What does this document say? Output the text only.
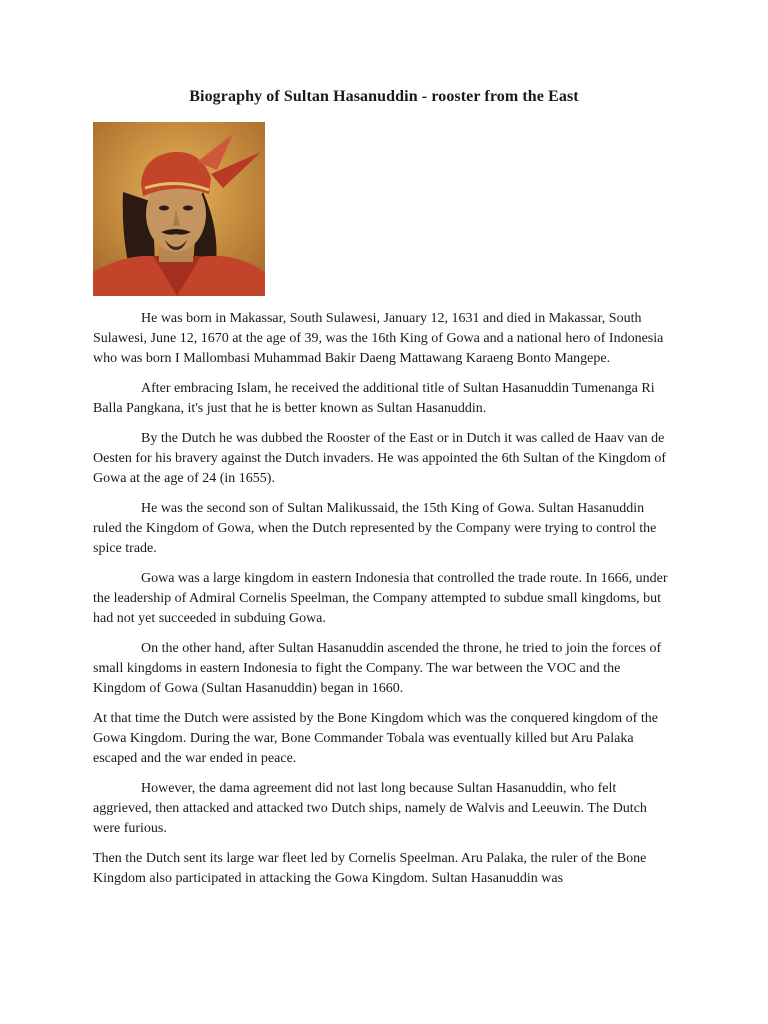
Biography of Sultan Hasanuddin - rooster from the East

He was born in Makassar, South Sulawesi, January 12, 1631 and died in Makassar, South Sulawesi, June 12, 1670 at the age of 39, was the 16th King of Gowa and a national hero of Indonesia who was born I Mallombasi Muhammad Bakir Daeng Mattawang Karaeng Bonto Mangepe.

After embracing Islam, he received the additional title of Sultan Hasanuddin Tumenanga Ri Balla Pangkana, it's just that he is better known as Sultan Hasanuddin.

By the Dutch he was dubbed the Rooster of the East or in Dutch it was called de Haav van de Oesten for his bravery against the Dutch invaders. He was appointed the 6th Sultan of the Kingdom of Gowa at the age of 24 (in 1655).

He was the second son of Sultan Malikussaid, the 15th King of Gowa. Sultan Hasanuddin ruled the Kingdom of Gowa, when the Dutch represented by the Company were trying to control the spice trade.

Gowa was a large kingdom in eastern Indonesia that controlled the trade route. In 1666, under the leadership of Admiral Cornelis Speelman, the Company attempted to subdue small kingdoms, but had not yet succeeded in subduing Gowa.

On the other hand, after Sultan Hasanuddin ascended the throne, he tried to join the forces of small kingdoms in eastern Indonesia to fight the Company. The war between the VOC and the Kingdom of Gowa (Sultan Hasanuddin) began in 1660.

At that time the Dutch were assisted by the Bone Kingdom which was the conquered kingdom of the Gowa Kingdom. During the war, Bone Commander Tobala was eventually killed but Aru Palaka escaped and the war ended in peace.

However, the dama agreement did not last long because Sultan Hasanuddin, who felt aggrieved, then attacked and attacked two Dutch ships, namely de Walvis and Leeuwin. The Dutch were furious.

Then the Dutch sent its large war fleet led by Cornelis Speelman. Aru Palaka, the ruler of the Bone Kingdom also participated in attacking the Gowa Kingdom. Sultan Hasanuddin was
